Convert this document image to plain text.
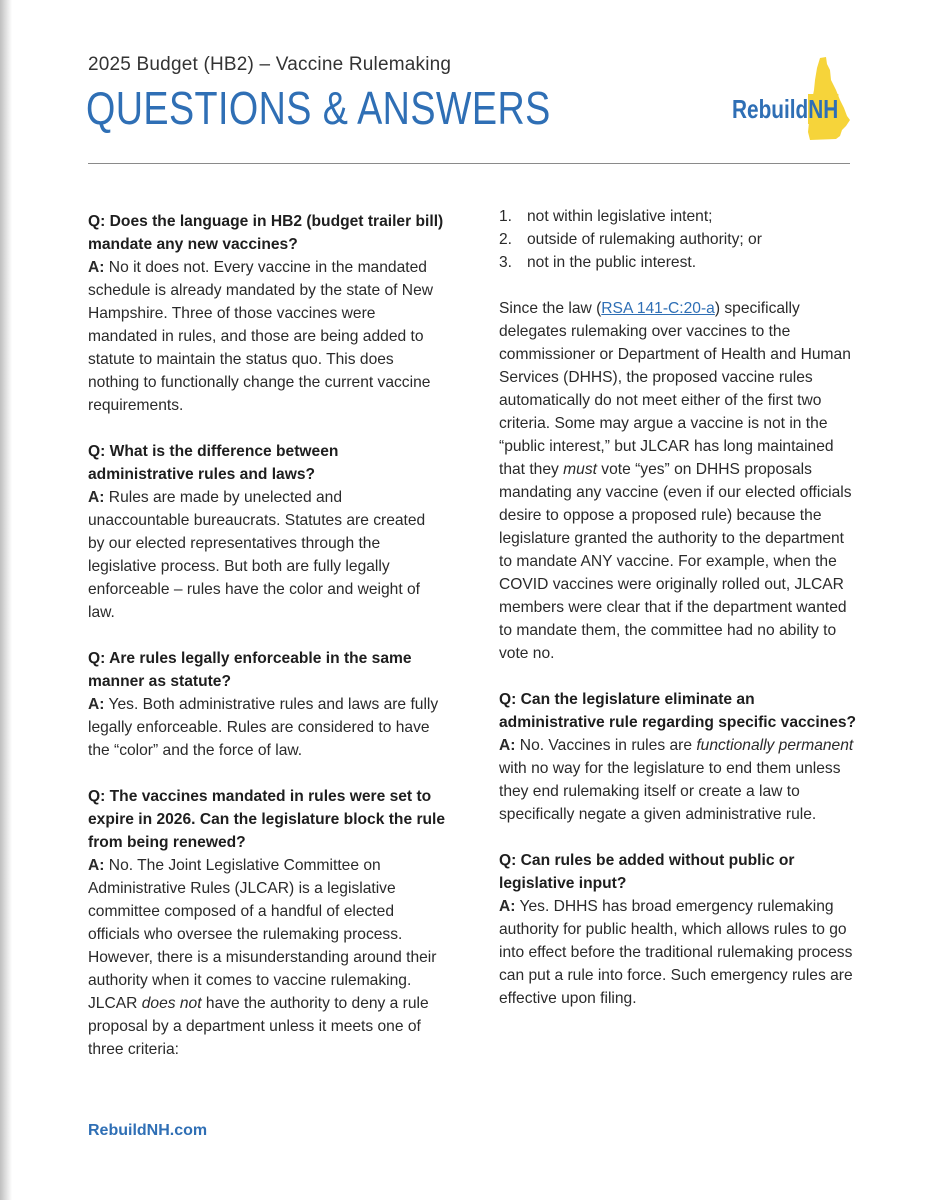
2025 Budget (HB2) – Vaccine Rulemaking
QUESTIONS & ANSWERS	RebuildNH
Q: Does the language in HB2 (budget trailer bill) mandate any new vaccines?
A: No it does not. Every vaccine in the mandated schedule is already mandated by the state of New Hampshire. Three of those vaccines were mandated in rules, and those are being added to statute to maintain the status quo. This does nothing to functionally change the current vaccine requirements.
Q: What is the difference between administrative rules and laws?
A: Rules are made by unelected and unaccountable bureaucrats. Statutes are created by our elected representatives through the legislative process. But both are fully legally enforceable – rules have the color and weight of law.
Q: Are rules legally enforceable in the same manner as statute?
A: Yes. Both administrative rules and laws are fully legally enforceable. Rules are considered to have the “color” and the force of law.
Q: The vaccines mandated in rules were set to expire in 2026. Can the legislature block the rule from being renewed?
A: No. The Joint Legislative Committee on Administrative Rules (JLCAR) is a legislative committee composed of a handful of elected officials who oversee the rulemaking process. However, there is a misunderstanding around their authority when it comes to vaccine rulemaking. JLCAR does not have the authority to deny a rule proposal by a department unless it meets one of three criteria:
1. not within legislative intent;
2. outside of rulemaking authority; or
3. not in the public interest.
Since the law (RSA 141-C:20-a) specifically delegates rulemaking over vaccines to the commissioner or Department of Health and Human Services (DHHS), the proposed vaccine rules automatically do not meet either of the first two criteria. Some may argue a vaccine is not in the “public interest,” but JLCAR has long maintained that they must vote “yes” on DHHS proposals mandating any vaccine (even if our elected officials desire to oppose a proposed rule) because the legislature granted the authority to the department to mandate ANY vaccine. For example, when the COVID vaccines were originally rolled out, JLCAR members were clear that if the department wanted to mandate them, the committee had no ability to vote no.
Q: Can the legislature eliminate an administrative rule regarding specific vaccines?
A: No. Vaccines in rules are functionally permanent with no way for the legislature to end them unless they end rulemaking itself or create a law to specifically negate a given administrative rule.
Q: Can rules be added without public or legislative input?
A: Yes. DHHS has broad emergency rulemaking authority for public health, which allows rules to go into effect before the traditional rulemaking process can put a rule into force. Such emergency rules are effective upon filing.
RebuildNH.com
